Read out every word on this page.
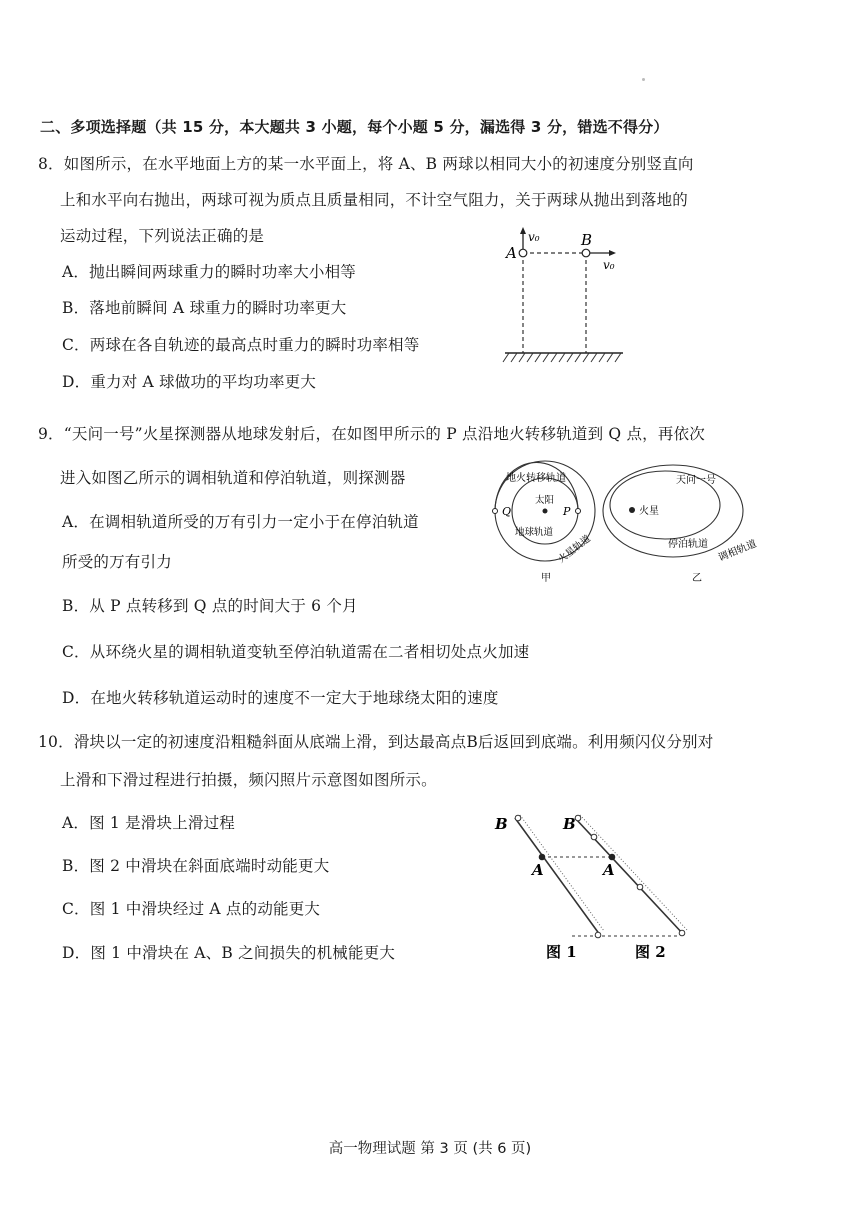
二、多项选择题（共 15 分，本大题共 3 小题，每个小题 5 分，漏选得 3 分，错选不得分）
8．如图所示，在水平地面上方的某一水平面上，将 A、B 两球以相同大小的初速度分别竖直向
上和水平向右抛出，两球可视为质点且质量相同，不计空气阻力，关于两球从抛出到落地的
运动过程，下列说法正确的是
A．抛出瞬间两球重力的瞬时功率大小相等
B．落地前瞬间 A 球重力的瞬时功率更大
C．两球在各自轨迹的最高点时重力的瞬时功率相等
D．重力对 A 球做功的平均功率更大
A
B
v₀
v₀
9．“天问一号”火星探测器从地球发射后，在如图甲所示的 P 点沿地火转移轨道到 Q 点，再依次
进入如图乙所示的调相轨道和停泊轨道，则探测器
A．在调相轨道所受的万有引力一定小于在停泊轨道
所受的万有引力
B．从 P 点转移到 Q 点的时间大于 6 个月
C．从环绕火星的调相轨道变轨至停泊轨道需在二者相切处点火加速
D．在地火转移轨道运动时的速度不一定大于地球绕太阳的速度
地火转移轨道
太阳
Q	P
地球轨道
火星轨道
甲
火星
天问一号
停泊轨道 调相轨道
乙
10．滑块以一定的初速度沿粗糙斜面从底端上滑，到达最高点B后返回到底端。利用频闪仪分别对
上滑和下滑过程进行拍摄，频闪照片示意图如图所示。
A．图 1 是滑块上滑过程
B．图 2 中滑块在斜面底端时动能更大
C．图 1 中滑块经过 A 点的动能更大
D．图 1 中滑块在 A、B 之间损失的机械能更大
B	B
A	A
图 1	图 2
高一物理试题 第 3 页 (共 6 页)
